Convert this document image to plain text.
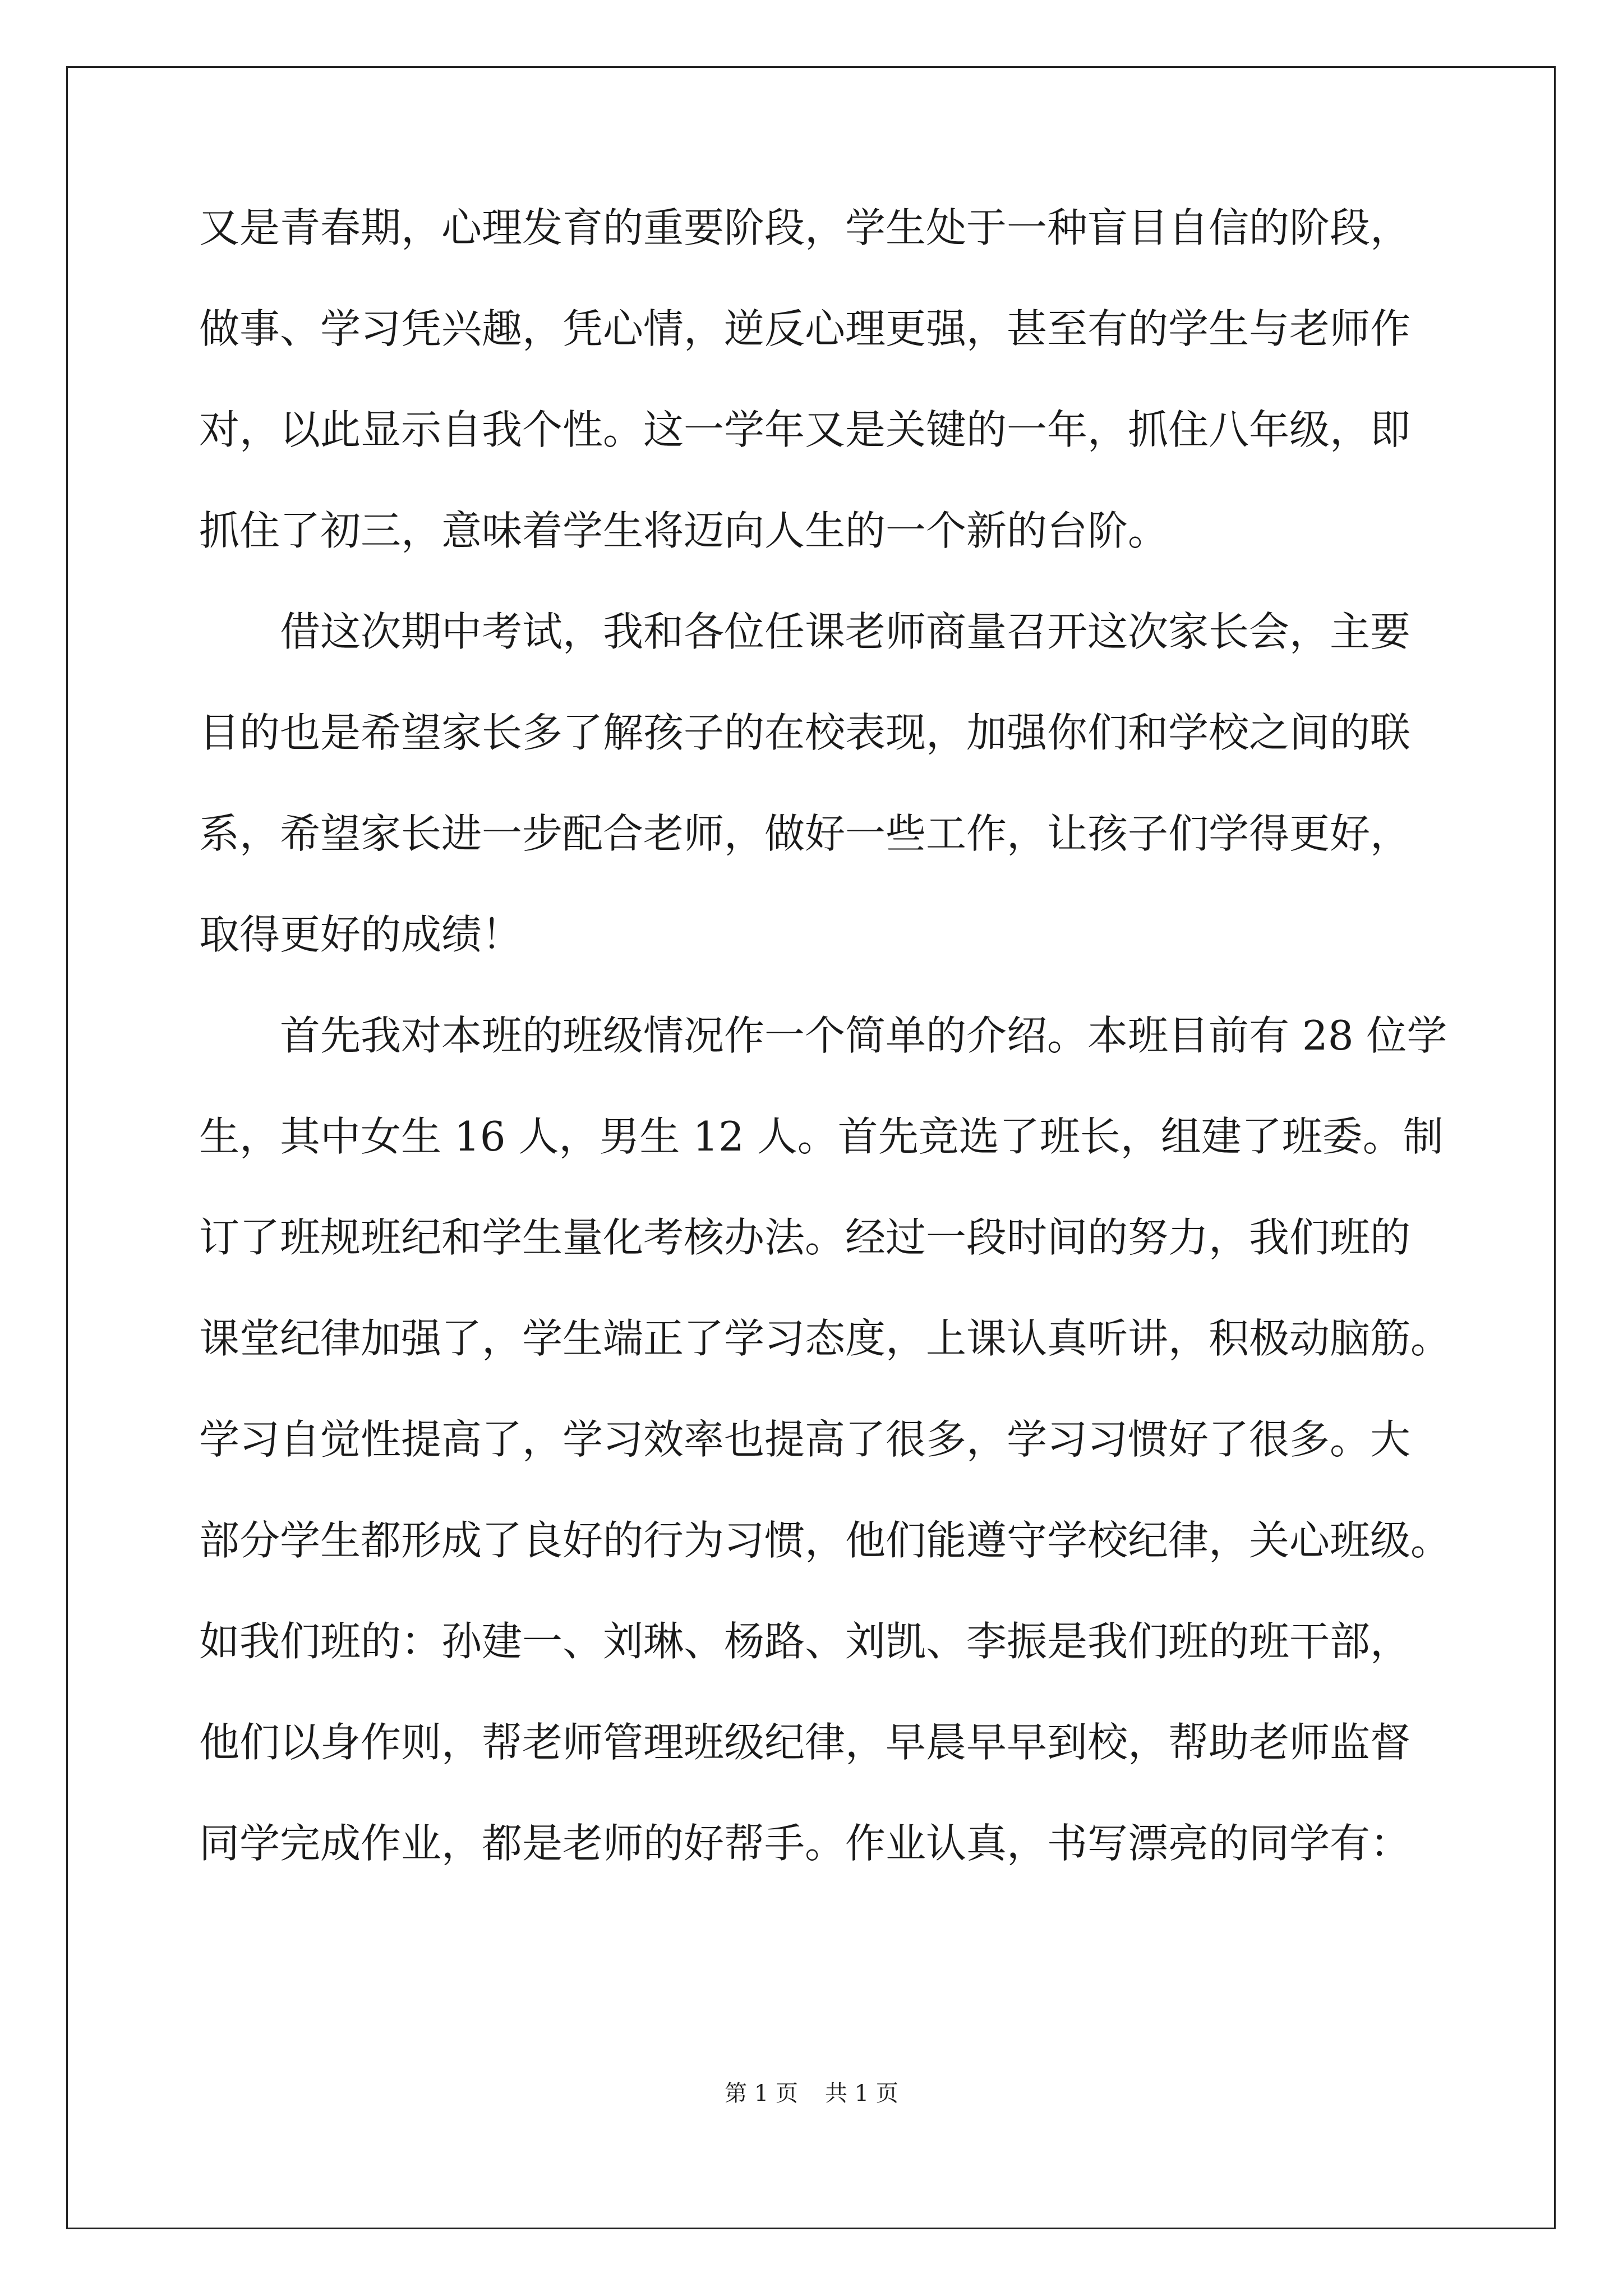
又是青春期，心理发育的重要阶段，学生处于一种盲目自信的阶段，
做事、学习凭兴趣，凭心情，逆反心理更强，甚至有的学生与老师作
对，以此显示自我个性。这一学年又是关键的一年，抓住八年级，即
抓住了初三，意味着学生将迈向人生的一个新的台阶。
借这次期中考试，我和各位任课老师商量召开这次家长会，主要
目的也是希望家长多了解孩子的在校表现，加强你们和学校之间的联
系，希望家长进一步配合老师，做好一些工作，让孩子们学得更好，
取得更好的成绩！
首先我对本班的班级情况作一个简单的介绍。本班目前有 28 位学
生，其中女生 16 人，男生 12 人。首先竞选了班长，组建了班委。制
订了班规班纪和学生量化考核办法。经过一段时间的努力，我们班的
课堂纪律加强了，学生端正了学习态度，上课认真听讲，积极动脑筋。
学习自觉性提高了，学习效率也提高了很多，学习习惯好了很多。大
部分学生都形成了良好的行为习惯，他们能遵守学校纪律，关心班级。
如我们班的：孙建一、刘琳、杨路、刘凯、李振是我们班的班干部，
他们以身作则，帮老师管理班级纪律，早晨早早到校，帮助老师监督
同学完成作业，都是老师的好帮手。作业认真，书写漂亮的同学有：
第 1 页 共 1 页
